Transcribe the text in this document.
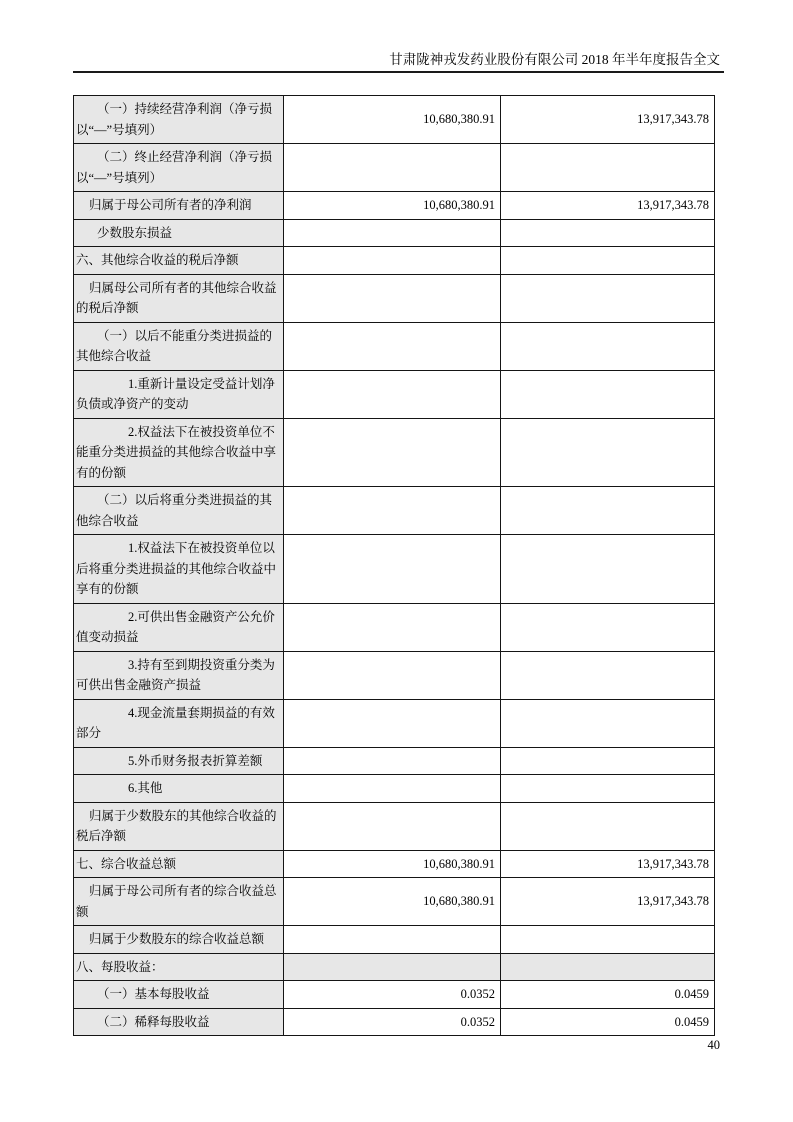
甘肃陇神戎发药业股份有限公司 2018 年半年度报告全文
（一）持续经营净利润（净亏损以“—”号填列）	10,680,380.91	13,917,343.78
（二）终止经营净利润（净亏损以“—”号填列）		
归属于母公司所有者的净利润	10,680,380.91	13,917,343.78
少数股东损益		
六、其他综合收益的税后净额		
归属母公司所有者的其他综合收益的税后净额		
（一）以后不能重分类进损益的其他综合收益		
1.重新计量设定受益计划净负债或净资产的变动		
2.权益法下在被投资单位不能重分类进损益的其他综合收益中享有的份额		
（二）以后将重分类进损益的其他综合收益		
1.权益法下在被投资单位以后将重分类进损益的其他综合收益中享有的份额		
2.可供出售金融资产公允价值变动损益		
3.持有至到期投资重分类为可供出售金融资产损益		
4.现金流量套期损益的有效部分		
5.外币财务报表折算差额		
6.其他		
归属于少数股东的其他综合收益的税后净额		
七、综合收益总额	10,680,380.91	13,917,343.78
归属于母公司所有者的综合收益总额	10,680,380.91	13,917,343.78
归属于少数股东的综合收益总额		
八、每股收益：		
（一）基本每股收益	0.0352	0.0459
（二）稀释每股收益	0.0352	0.0459
40
